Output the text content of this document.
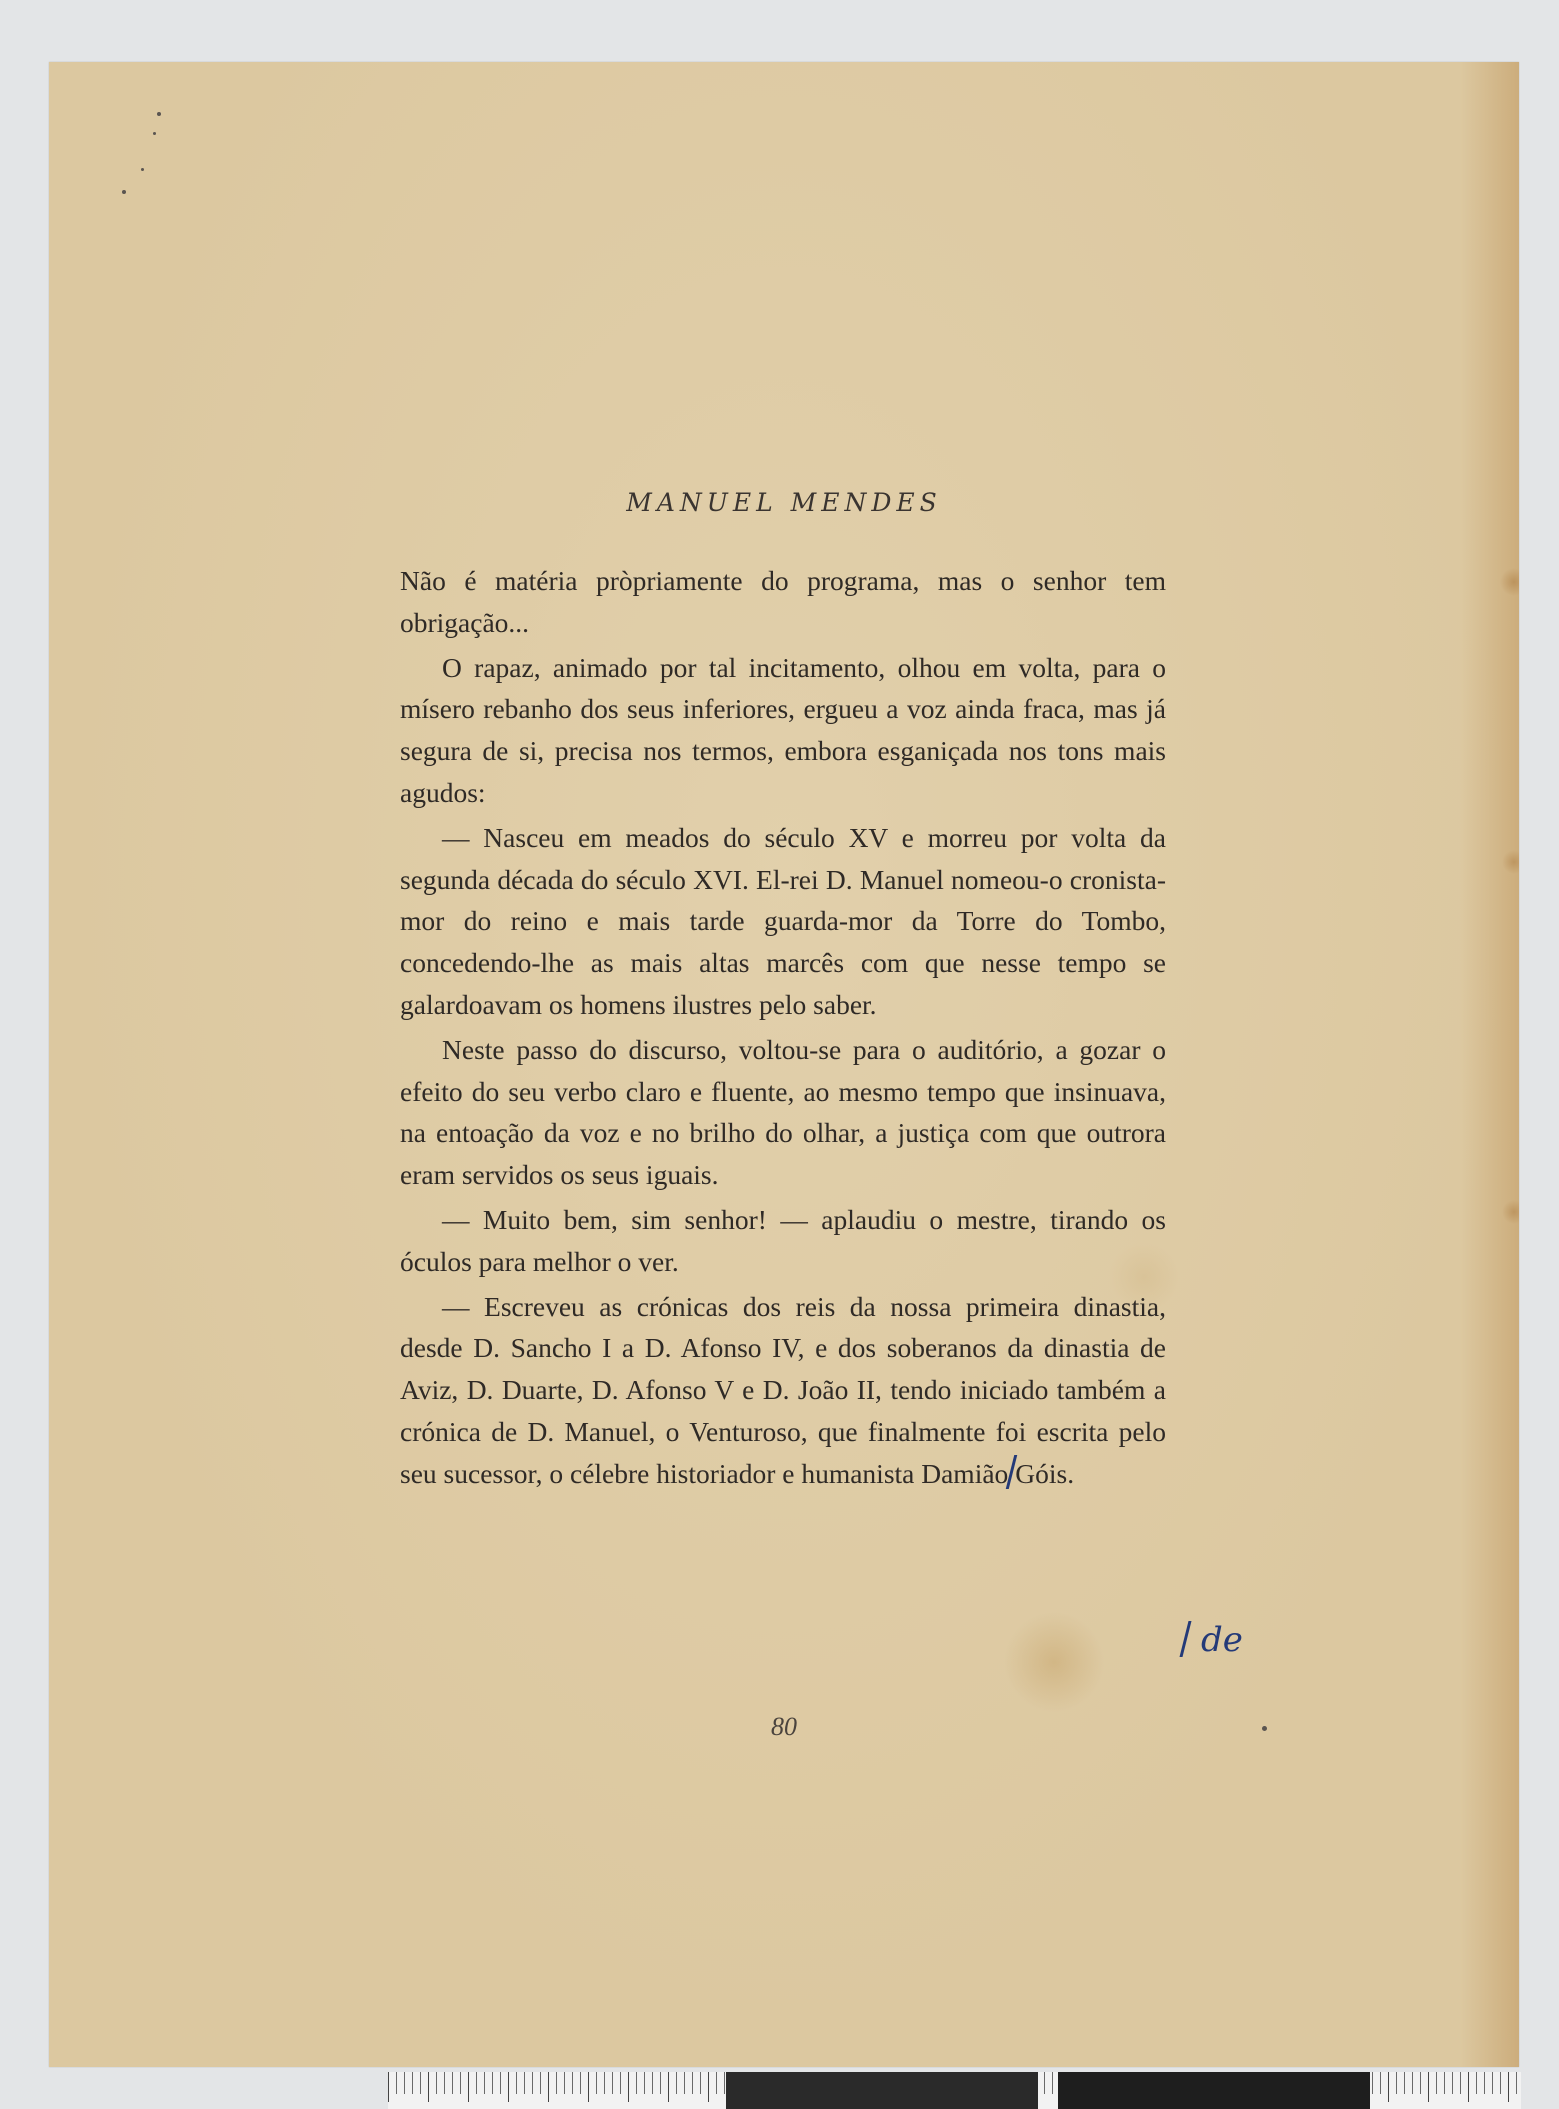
MANUEL MENDES

Não é matéria pròpriamente do programa, mas o senhor tem obrigação...

O rapaz, animado por tal incitamento, olhou em volta, para o mísero rebanho dos seus inferiores, ergueu a voz ainda fraca, mas já segura de si, precisa nos termos, embora esganiçada nos tons mais agudos:

— Nasceu em meados do século XV e morreu por volta da segunda década do século XVI. El-rei D. Manuel nomeou-o cronista-mor do reino e mais tarde guarda-mor da Torre do Tombo, concedendo-lhe as mais altas marcês com que nesse tempo se galardoavam os homens ilustres pelo saber.

Neste passo do discurso, voltou-se para o auditório, a gozar o efeito do seu verbo claro e fluente, ao mesmo tempo que insinuava, na entoação da voz e no brilho do olhar, a justiça com que outrora eram servidos os seus iguais.

— Muito bem, sim senhor! — aplaudiu o mestre, tirando os óculos para melhor o ver.

— Escreveu as crónicas dos reis da nossa primeira dinastia, desde D. Sancho I a D. Afonso IV, e dos soberanos da dinastia de Aviz, D. Duarte, D. Afonso V e D. João II, tendo iniciado também a crónica de D. Manuel, o Venturoso, que finalmente foi escrita pelo seu sucessor, o célebre historiador e humanista Damião Góis.

de
80
